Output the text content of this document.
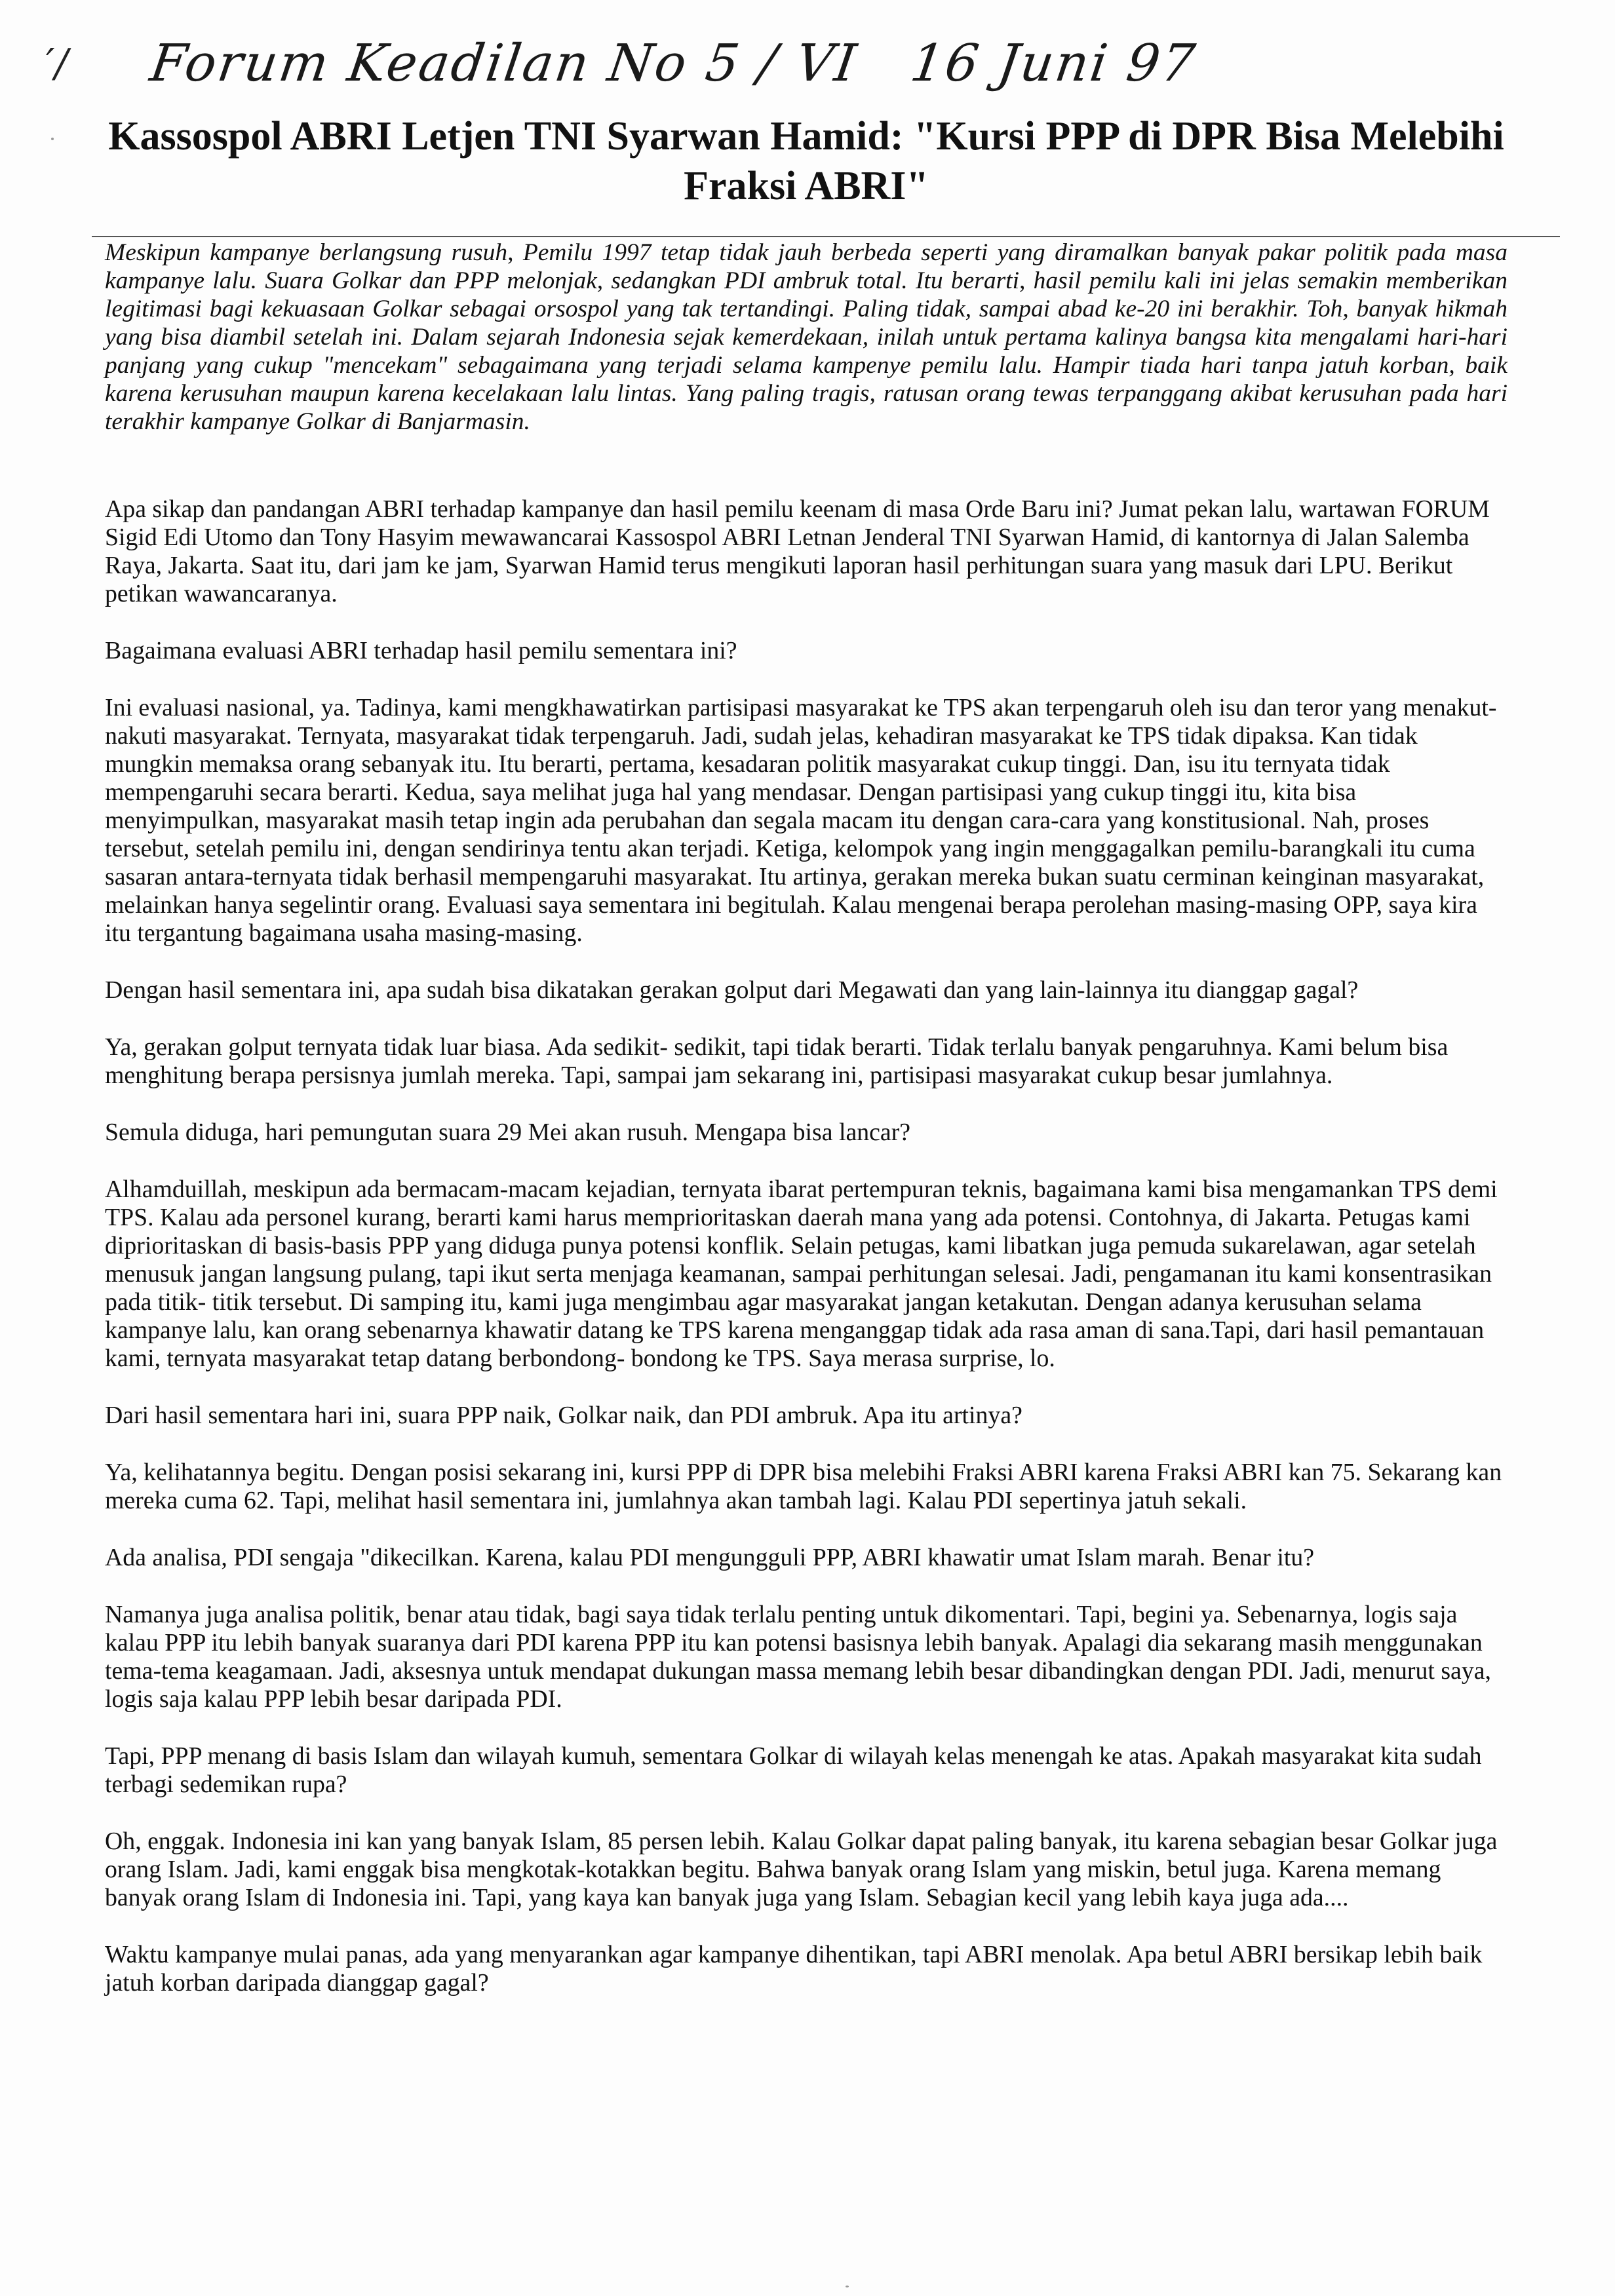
′/ Forum Keadilan No 5 / VI 16 Juni 97
Kassospol ABRI Letjen TNI Syarwan Hamid: "Kursi PPP di DPR Bisa Melebihi Fraksi ABRI"

Meskipun kampanye berlangsung rusuh, Pemilu 1997 tetap tidak jauh berbeda seperti yang diramalkan banyak pakar politik pada masa kampanye lalu. Suara Golkar dan PPP melonjak, sedangkan PDI ambruk total. Itu berarti, hasil pemilu kali ini jelas semakin memberikan legitimasi bagi kekuasaan Golkar sebagai orsospol yang tak tertandingi. Paling tidak, sampai abad ke-20 ini berakhir. Toh, banyak hikmah yang bisa diambil setelah ini. Dalam sejarah Indonesia sejak kemerdekaan, inilah untuk pertama kalinya bangsa kita mengalami hari-hari panjang yang cukup "mencekam" sebagaimana yang terjadi selama kampenye pemilu lalu. Hampir tiada hari tanpa jatuh korban, baik karena kerusuhan maupun karena kecelakaan lalu lintas. Yang paling tragis, ratusan orang tewas terpanggang akibat kerusuhan pada hari terakhir kampanye Golkar di Banjarmasin.

Apa sikap dan pandangan ABRI terhadap kampanye dan hasil pemilu keenam di masa Orde Baru ini? Jumat pekan lalu, wartawan FORUM Sigid Edi Utomo dan Tony Hasyim mewawancarai Kassospol ABRI Letnan Jenderal TNI Syarwan Hamid, di kantornya di Jalan Salemba Raya, Jakarta. Saat itu, dari jam ke jam, Syarwan Hamid terus mengikuti laporan hasil perhitungan suara yang masuk dari LPU. Berikut petikan wawancaranya.

Bagaimana evaluasi ABRI terhadap hasil pemilu sementara ini?

Ini evaluasi nasional, ya. Tadinya, kami mengkhawatirkan partisipasi masyarakat ke TPS akan terpengaruh oleh isu dan teror yang menakut-nakuti masyarakat. Ternyata, masyarakat tidak terpengaruh. Jadi, sudah jelas, kehadiran masyarakat ke TPS tidak dipaksa. Kan tidak mungkin memaksa orang sebanyak itu. Itu berarti, pertama, kesadaran politik masyarakat cukup tinggi. Dan, isu itu ternyata tidak mempengaruhi secara berarti. Kedua, saya melihat juga hal yang mendasar. Dengan partisipasi yang cukup tinggi itu, kita bisa menyimpulkan, masyarakat masih tetap ingin ada perubahan dan segala macam itu dengan cara-cara yang konstitusional. Nah, proses tersebut, setelah pemilu ini, dengan sendirinya tentu akan terjadi. Ketiga, kelompok yang ingin menggagalkan pemilu-barangkali itu cuma sasaran antara-ternyata tidak berhasil mempengaruhi masyarakat. Itu artinya, gerakan mereka bukan suatu cerminan keinginan masyarakat, melainkan hanya segelintir orang. Evaluasi saya sementara ini begitulah. Kalau mengenai berapa perolehan masing-masing OPP, saya kira itu tergantung bagaimana usaha masing-masing.

Dengan hasil sementara ini, apa sudah bisa dikatakan gerakan golput dari Megawati dan yang lain-lainnya itu dianggap gagal?

Ya, gerakan golput ternyata tidak luar biasa. Ada sedikit- sedikit, tapi tidak berarti. Tidak terlalu banyak pengaruhnya. Kami belum bisa menghitung berapa persisnya jumlah mereka. Tapi, sampai jam sekarang ini, partisipasi masyarakat cukup besar jumlahnya.

Semula diduga, hari pemungutan suara 29 Mei akan rusuh. Mengapa bisa lancar?

Alhamduillah, meskipun ada bermacam-macam kejadian, ternyata ibarat pertempuran teknis, bagaimana kami bisa mengamankan TPS demi TPS. Kalau ada personel kurang, berarti kami harus memprioritaskan daerah mana yang ada potensi. Contohnya, di Jakarta. Petugas kami diprioritaskan di basis-basis PPP yang diduga punya potensi konflik. Selain petugas, kami libatkan juga pemuda sukarelawan, agar setelah menusuk jangan langsung pulang, tapi ikut serta menjaga keamanan, sampai perhitungan selesai. Jadi, pengamanan itu kami konsentrasikan pada titik- titik tersebut. Di samping itu, kami juga mengimbau agar masyarakat jangan ketakutan. Dengan adanya kerusuhan selama kampanye lalu, kan orang sebenarnya khawatir datang ke TPS karena menganggap tidak ada rasa aman di sana.Tapi, dari hasil pemantauan kami, ternyata masyarakat tetap datang berbondong- bondong ke TPS. Saya merasa surprise, lo.

Dari hasil sementara hari ini, suara PPP naik, Golkar naik, dan PDI ambruk. Apa itu artinya?

Ya, kelihatannya begitu. Dengan posisi sekarang ini, kursi PPP di DPR bisa melebihi Fraksi ABRI karena Fraksi ABRI kan 75. Sekarang kan mereka cuma 62. Tapi, melihat hasil sementara ini, jumlahnya akan tambah lagi. Kalau PDI sepertinya jatuh sekali.

Ada analisa, PDI sengaja "dikecilkan. Karena, kalau PDI mengungguli PPP, ABRI khawatir umat Islam marah. Benar itu?

Namanya juga analisa politik, benar atau tidak, bagi saya tidak terlalu penting untuk dikomentari. Tapi, begini ya. Sebenarnya, logis saja kalau PPP itu lebih banyak suaranya dari PDI karena PPP itu kan potensi basisnya lebih banyak. Apalagi dia sekarang masih menggunakan tema-tema keagamaan. Jadi, aksesnya untuk mendapat dukungan massa memang lebih besar dibandingkan dengan PDI. Jadi, menurut saya, logis saja kalau PPP lebih besar daripada PDI.

Tapi, PPP menang di basis Islam dan wilayah kumuh, sementara Golkar di wilayah kelas menengah ke atas. Apakah masyarakat kita sudah terbagi sedemikan rupa?

Oh, enggak. Indonesia ini kan yang banyak Islam, 85 persen lebih. Kalau Golkar dapat paling banyak, itu karena sebagian besar Golkar juga orang Islam. Jadi, kami enggak bisa mengkotak-kotakkan begitu. Bahwa banyak orang Islam yang miskin, betul juga. Karena memang banyak orang Islam di Indonesia ini. Tapi, yang kaya kan banyak juga yang Islam. Sebagian kecil yang lebih kaya juga ada....

Waktu kampanye mulai panas, ada yang menyarankan agar kampanye dihentikan, tapi ABRI menolak. Apa betul ABRI bersikap lebih baik jatuh korban daripada dianggap gagal?
